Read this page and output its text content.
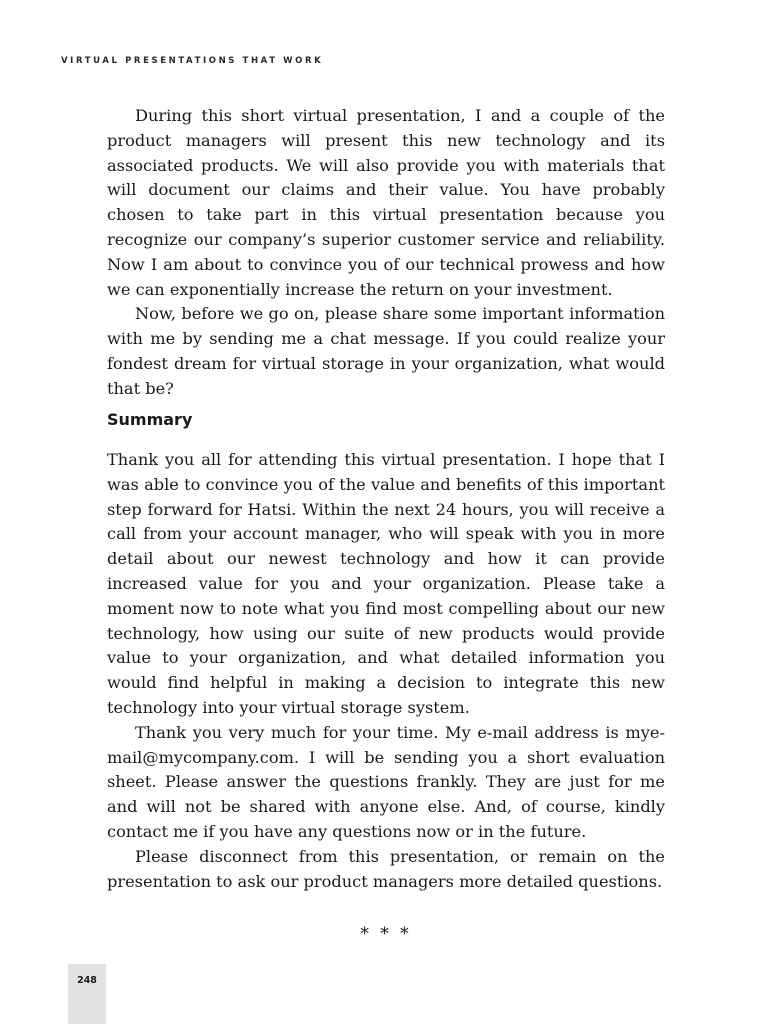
VIRTUAL PRESENTATIONS THAT WORK

During this short virtual presentation, I and a couple of the product managers will present this new technology and its associated products. We will also provide you with materials that will document our claims and their value. You have probably chosen to take part in this virtual presentation because you recognize our company’s superior customer service and reliability. Now I am about to convince you of our technical prowess and how we can exponentially increase the return on your investment.

Now, before we go on, please share some important information with me by sending me a chat message. If you could realize your fondest dream for virtual storage in your organization, what would that be?

Summary

Thank you all for attending this virtual presentation. I hope that I was able to convince you of the value and benefits of this important step forward for Hatsi. Within the next 24 hours, you will receive a call from your account manager, who will speak with you in more detail about our newest technology and how it can provide increased value for you and your organization. Please take a moment now to note what you find most compelling about our new technology, how using our suite of new products would provide value to your organization, and what detailed information you would find helpful in making a decision to integrate this new technology into your virtual storage system.

Thank you very much for your time. My e-mail address is myemail@mycompany.com. I will be sending you a short evaluation sheet. Please answer the questions frankly. They are just for me and will not be shared with anyone else. And, of course, kindly contact me if you have any questions now or in the future.

Please disconnect from this presentation, or remain on the presentation to ask our product managers more detailed questions.

* * *
248
